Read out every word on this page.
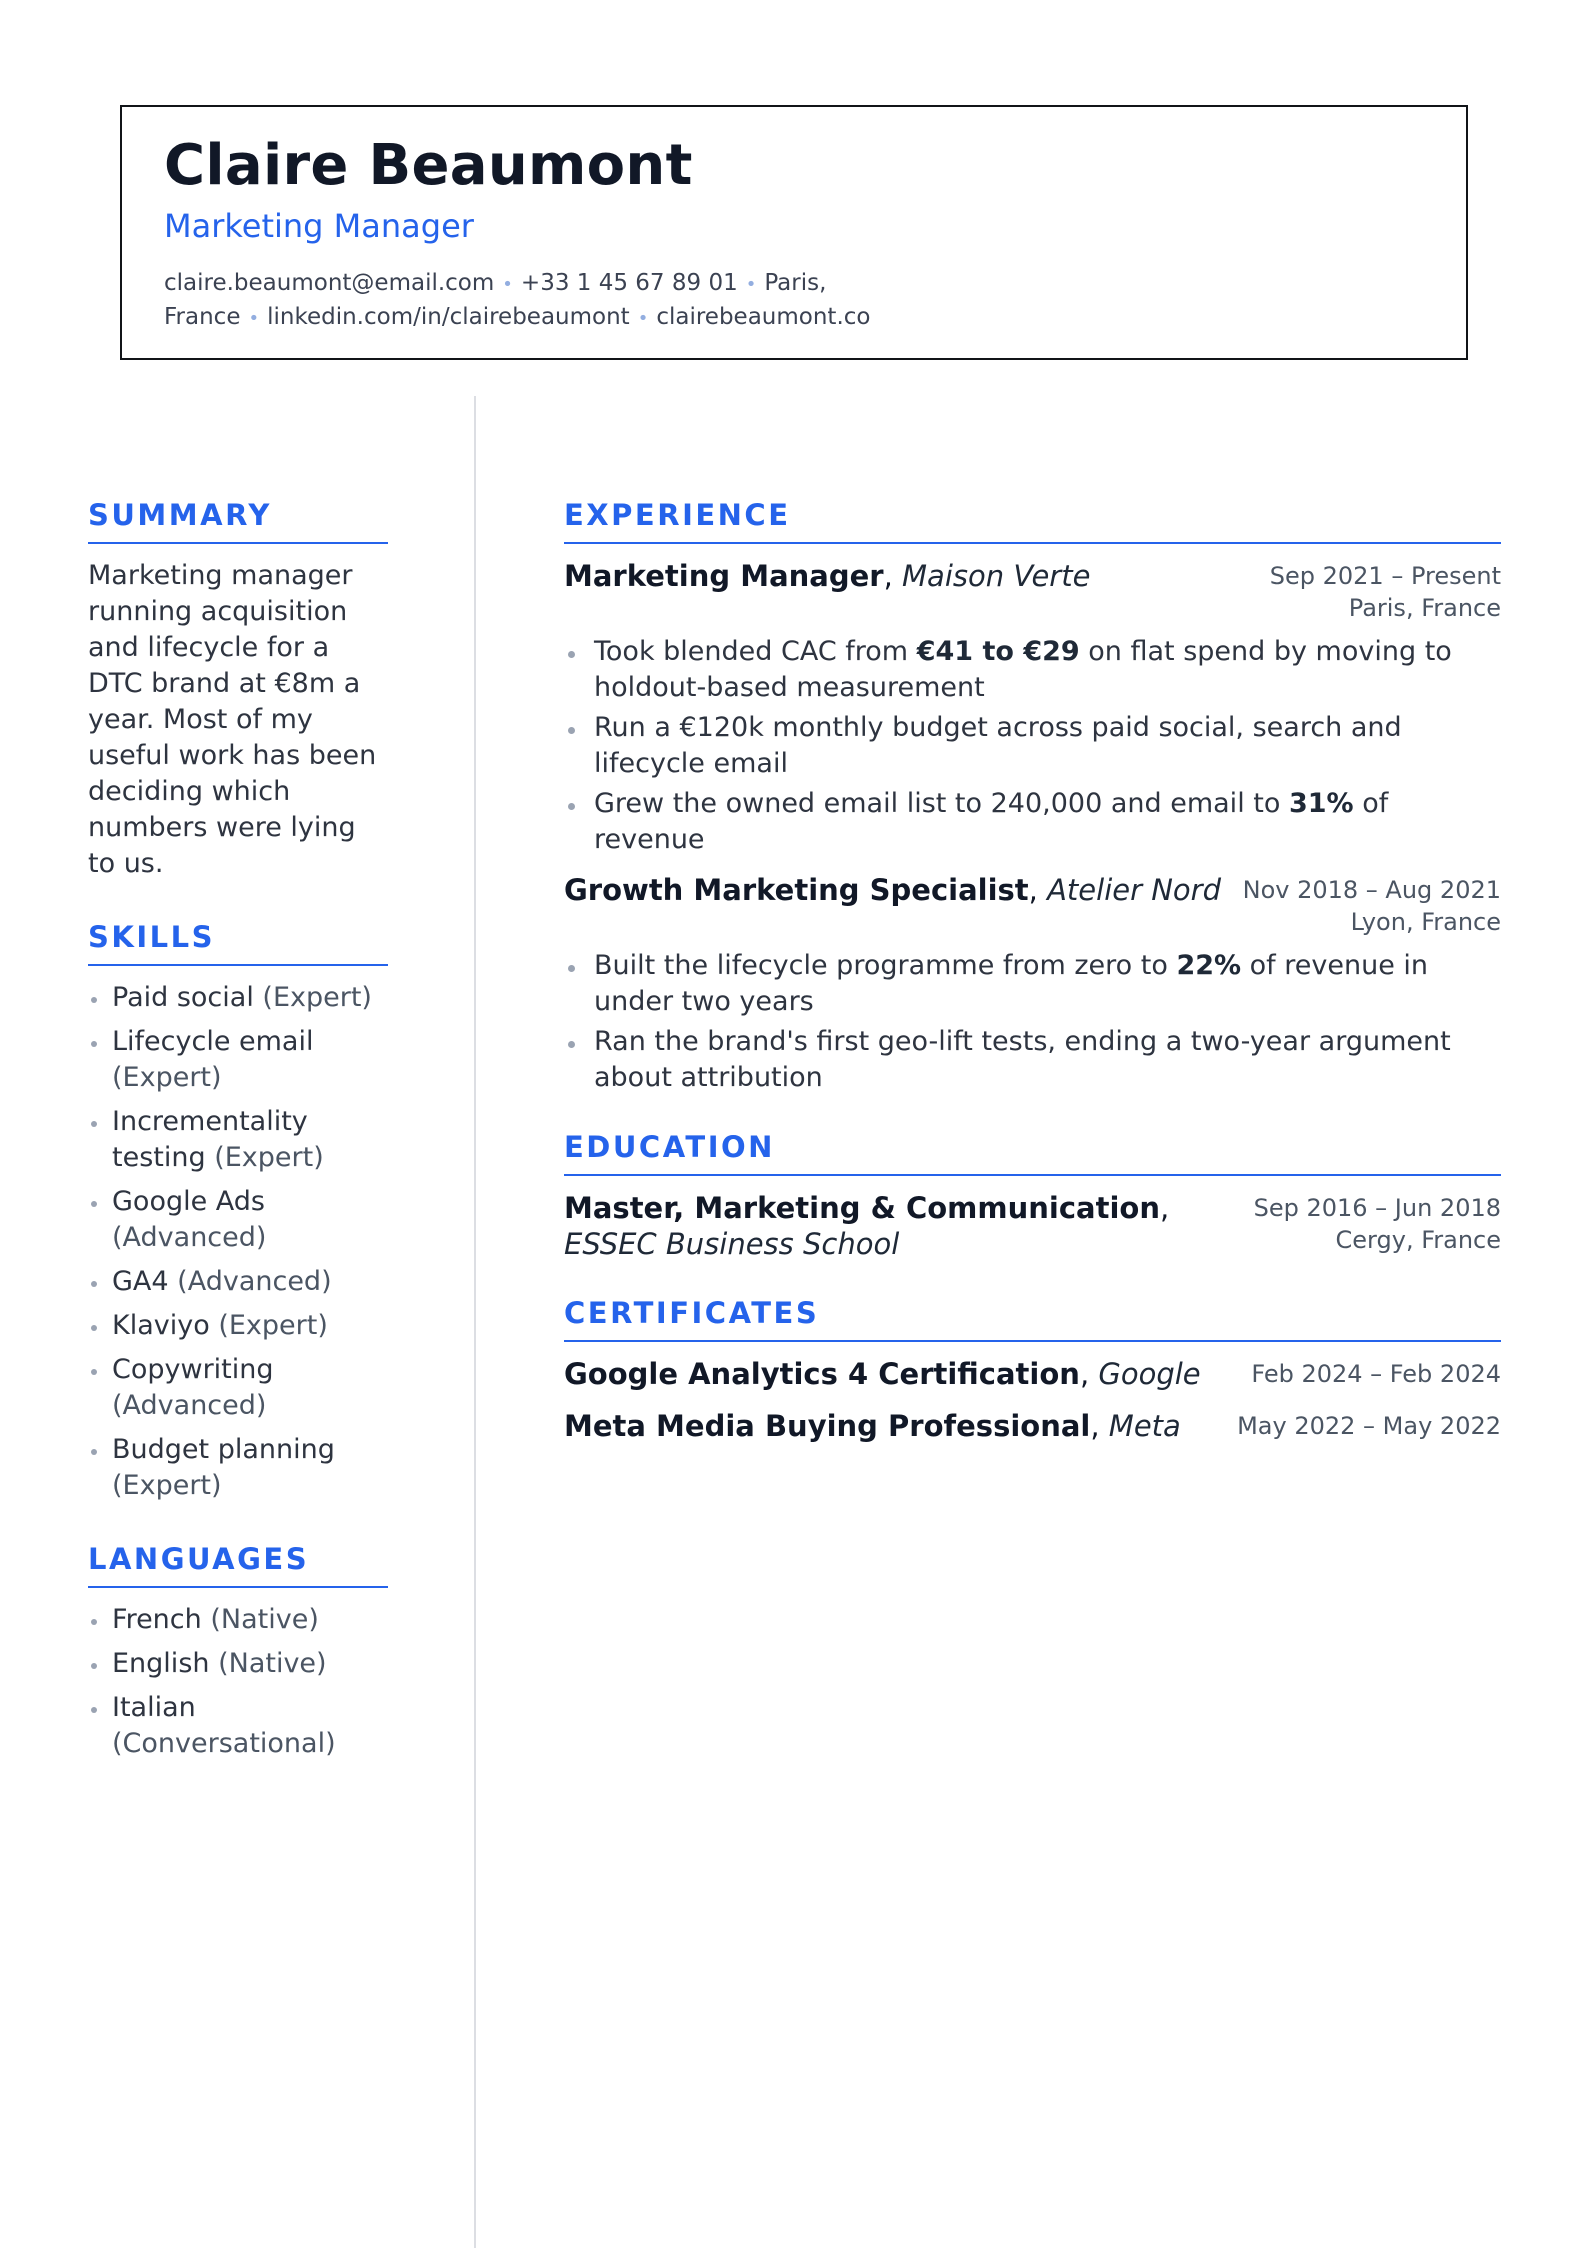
Claire Beaumont
Marketing Manager
claire.beaumont@email.com • +33 1 45 67 89 01 • Paris, France • linkedin.com/in/clairebeaumont • clairebeaumont.co
SUMMARY

Marketing manager running acquisition and lifecycle for a DTC brand at €8m a year. Most of my useful work has been deciding which numbers were lying to us.

SKILLS
Paid social (Expert)
Lifecycle email (Expert)
Incrementality testing (Expert)
Google Ads (Advanced)
GA4 (Advanced)
Klaviyo (Expert)
Copywriting (Advanced)
Budget planning (Expert)
LANGUAGES
French (Native)
English (Native)
Italian (Conversational)
EXPERIENCE
Marketing Manager, Maison Verte	Sep 2021 – Present
Paris, France
Took blended CAC from €41 to €29 on flat spend by moving to holdout-based measurement
Run a €120k monthly budget across paid social, search and lifecycle email
Grew the owned email list to 240,000 and email to 31% of revenue
Growth Marketing Specialist, Atelier Nord Nov 2018 – Aug 2021
Lyon, France
Built the lifecycle programme from zero to 22% of revenue in under two years
Ran the brand's first geo-lift tests, ending a two-year argument about attribution
EDUCATION
Master, Marketing & Communication,
ESSEC Business School
Sep 2016 – Jun 2018
Cergy, France
CERTIFICATES
Google Analytics 4 Certification, Google Feb 2024 – Feb 2024
Meta Media Buying Professional, Meta May 2022 – May 2022
